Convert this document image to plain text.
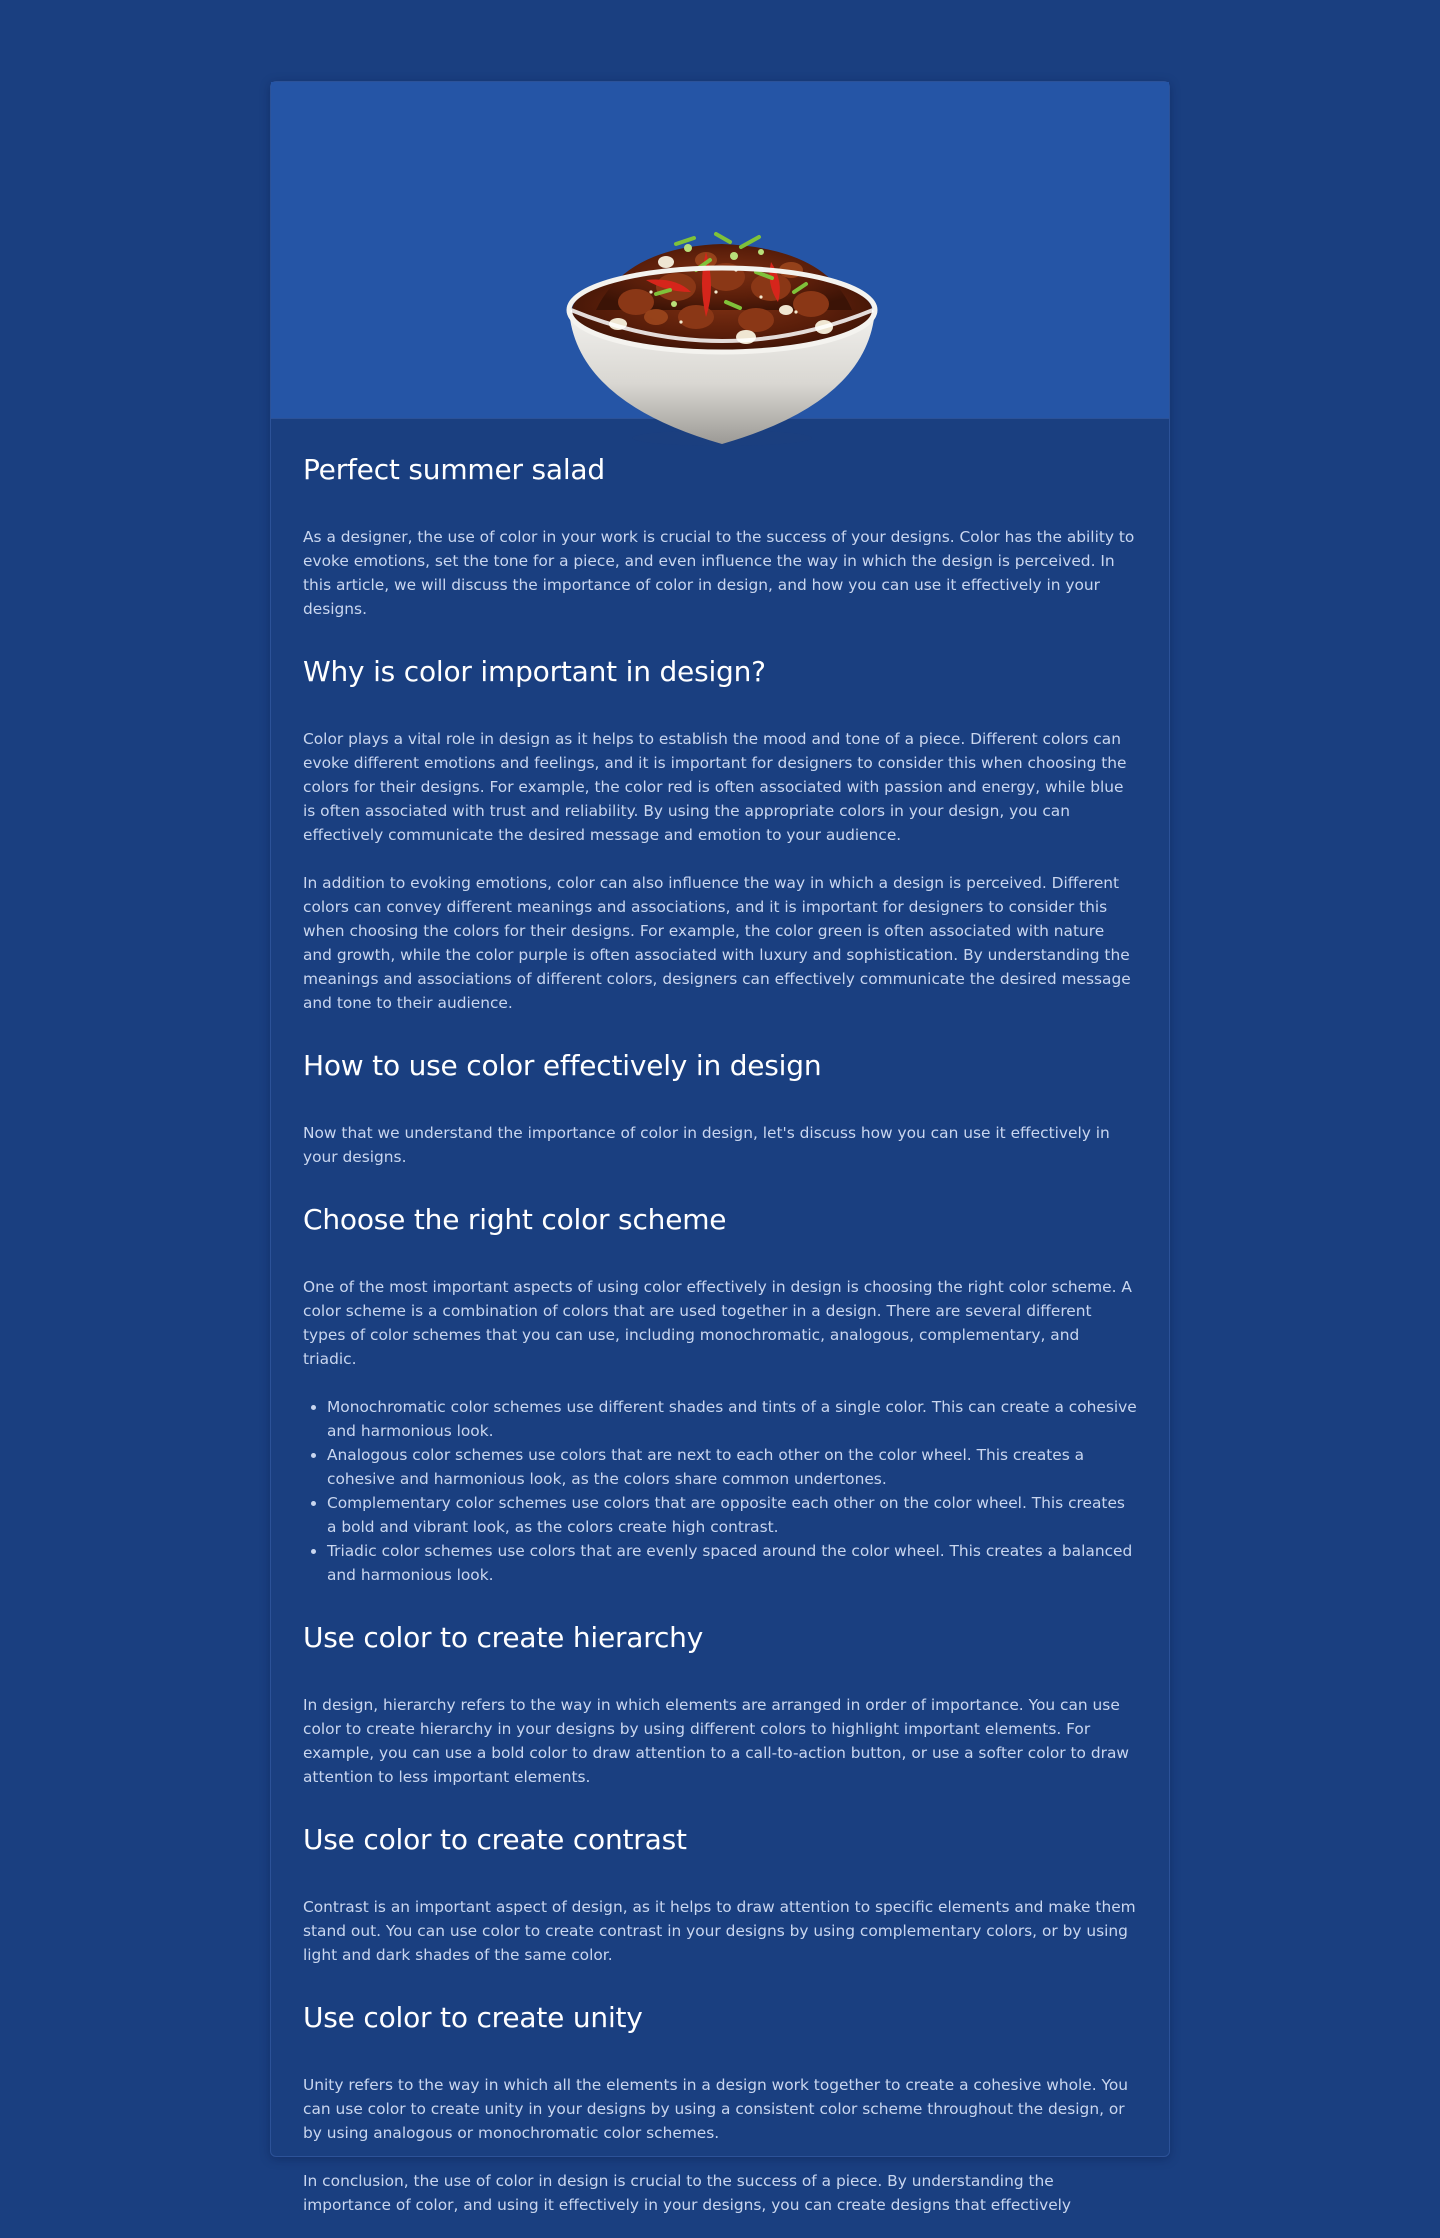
Perfect summer salad

As a designer, the use of color in your work is crucial to the success of your designs. Color has the ability to evoke emotions, set the tone for a piece, and even influence the way in which the design is perceived. In this article, we will discuss the importance of color in design, and how you can use it effectively in your designs.

Why is color important in design?

Color plays a vital role in design as it helps to establish the mood and tone of a piece. Different colors can evoke different emotions and feelings, and it is important for designers to consider this when choosing the colors for their designs. For example, the color red is often associated with passion and energy, while blue is often associated with trust and reliability. By using the appropriate colors in your design, you can effectively communicate the desired message and emotion to your audience.

In addition to evoking emotions, color can also influence the way in which a design is perceived. Different colors can convey different meanings and associations, and it is important for designers to consider this when choosing the colors for their designs. For example, the color green is often associated with nature and growth, while the color purple is often associated with luxury and sophistication. By understanding the meanings and associations of different colors, designers can effectively communicate the desired message and tone to their audience.

How to use color effectively in design

Now that we understand the importance of color in design, let's discuss how you can use it effectively in your designs.

Choose the right color scheme

One of the most important aspects of using color effectively in design is choosing the right color scheme. A color scheme is a combination of colors that are used together in a design. There are several different types of color schemes that you can use, including monochromatic, analogous, complementary, and triadic.

• Monochromatic color schemes use different shades and tints of a single color. This can create a cohesive and harmonious look.
• Analogous color schemes use colors that are next to each other on the color wheel. This creates a cohesive and harmonious look, as the colors share common undertones.
• Complementary color schemes use colors that are opposite each other on the color wheel. This creates a bold and vibrant look, as the colors create high contrast.
• Triadic color schemes use colors that are evenly spaced around the color wheel. This creates a balanced and harmonious look.
Use color to create hierarchy

In design, hierarchy refers to the way in which elements are arranged in order of importance. You can use color to create hierarchy in your designs by using different colors to highlight important elements. For example, you can use a bold color to draw attention to a call-to-action button, or use a softer color to draw attention to less important elements.

Use color to create contrast

Contrast is an important aspect of design, as it helps to draw attention to specific elements and make them stand out. You can use color to create contrast in your designs by using complementary colors, or by using light and dark shades of the same color.

Use color to create unity

Unity refers to the way in which all the elements in a design work together to create a cohesive whole. You can use color to create unity in your designs by using a consistent color scheme throughout the design, or by using analogous or monochromatic color schemes.

In conclusion, the use of color in design is crucial to the success of a piece. By understanding the importance of color, and using it effectively in your designs, you can create designs that effectively
